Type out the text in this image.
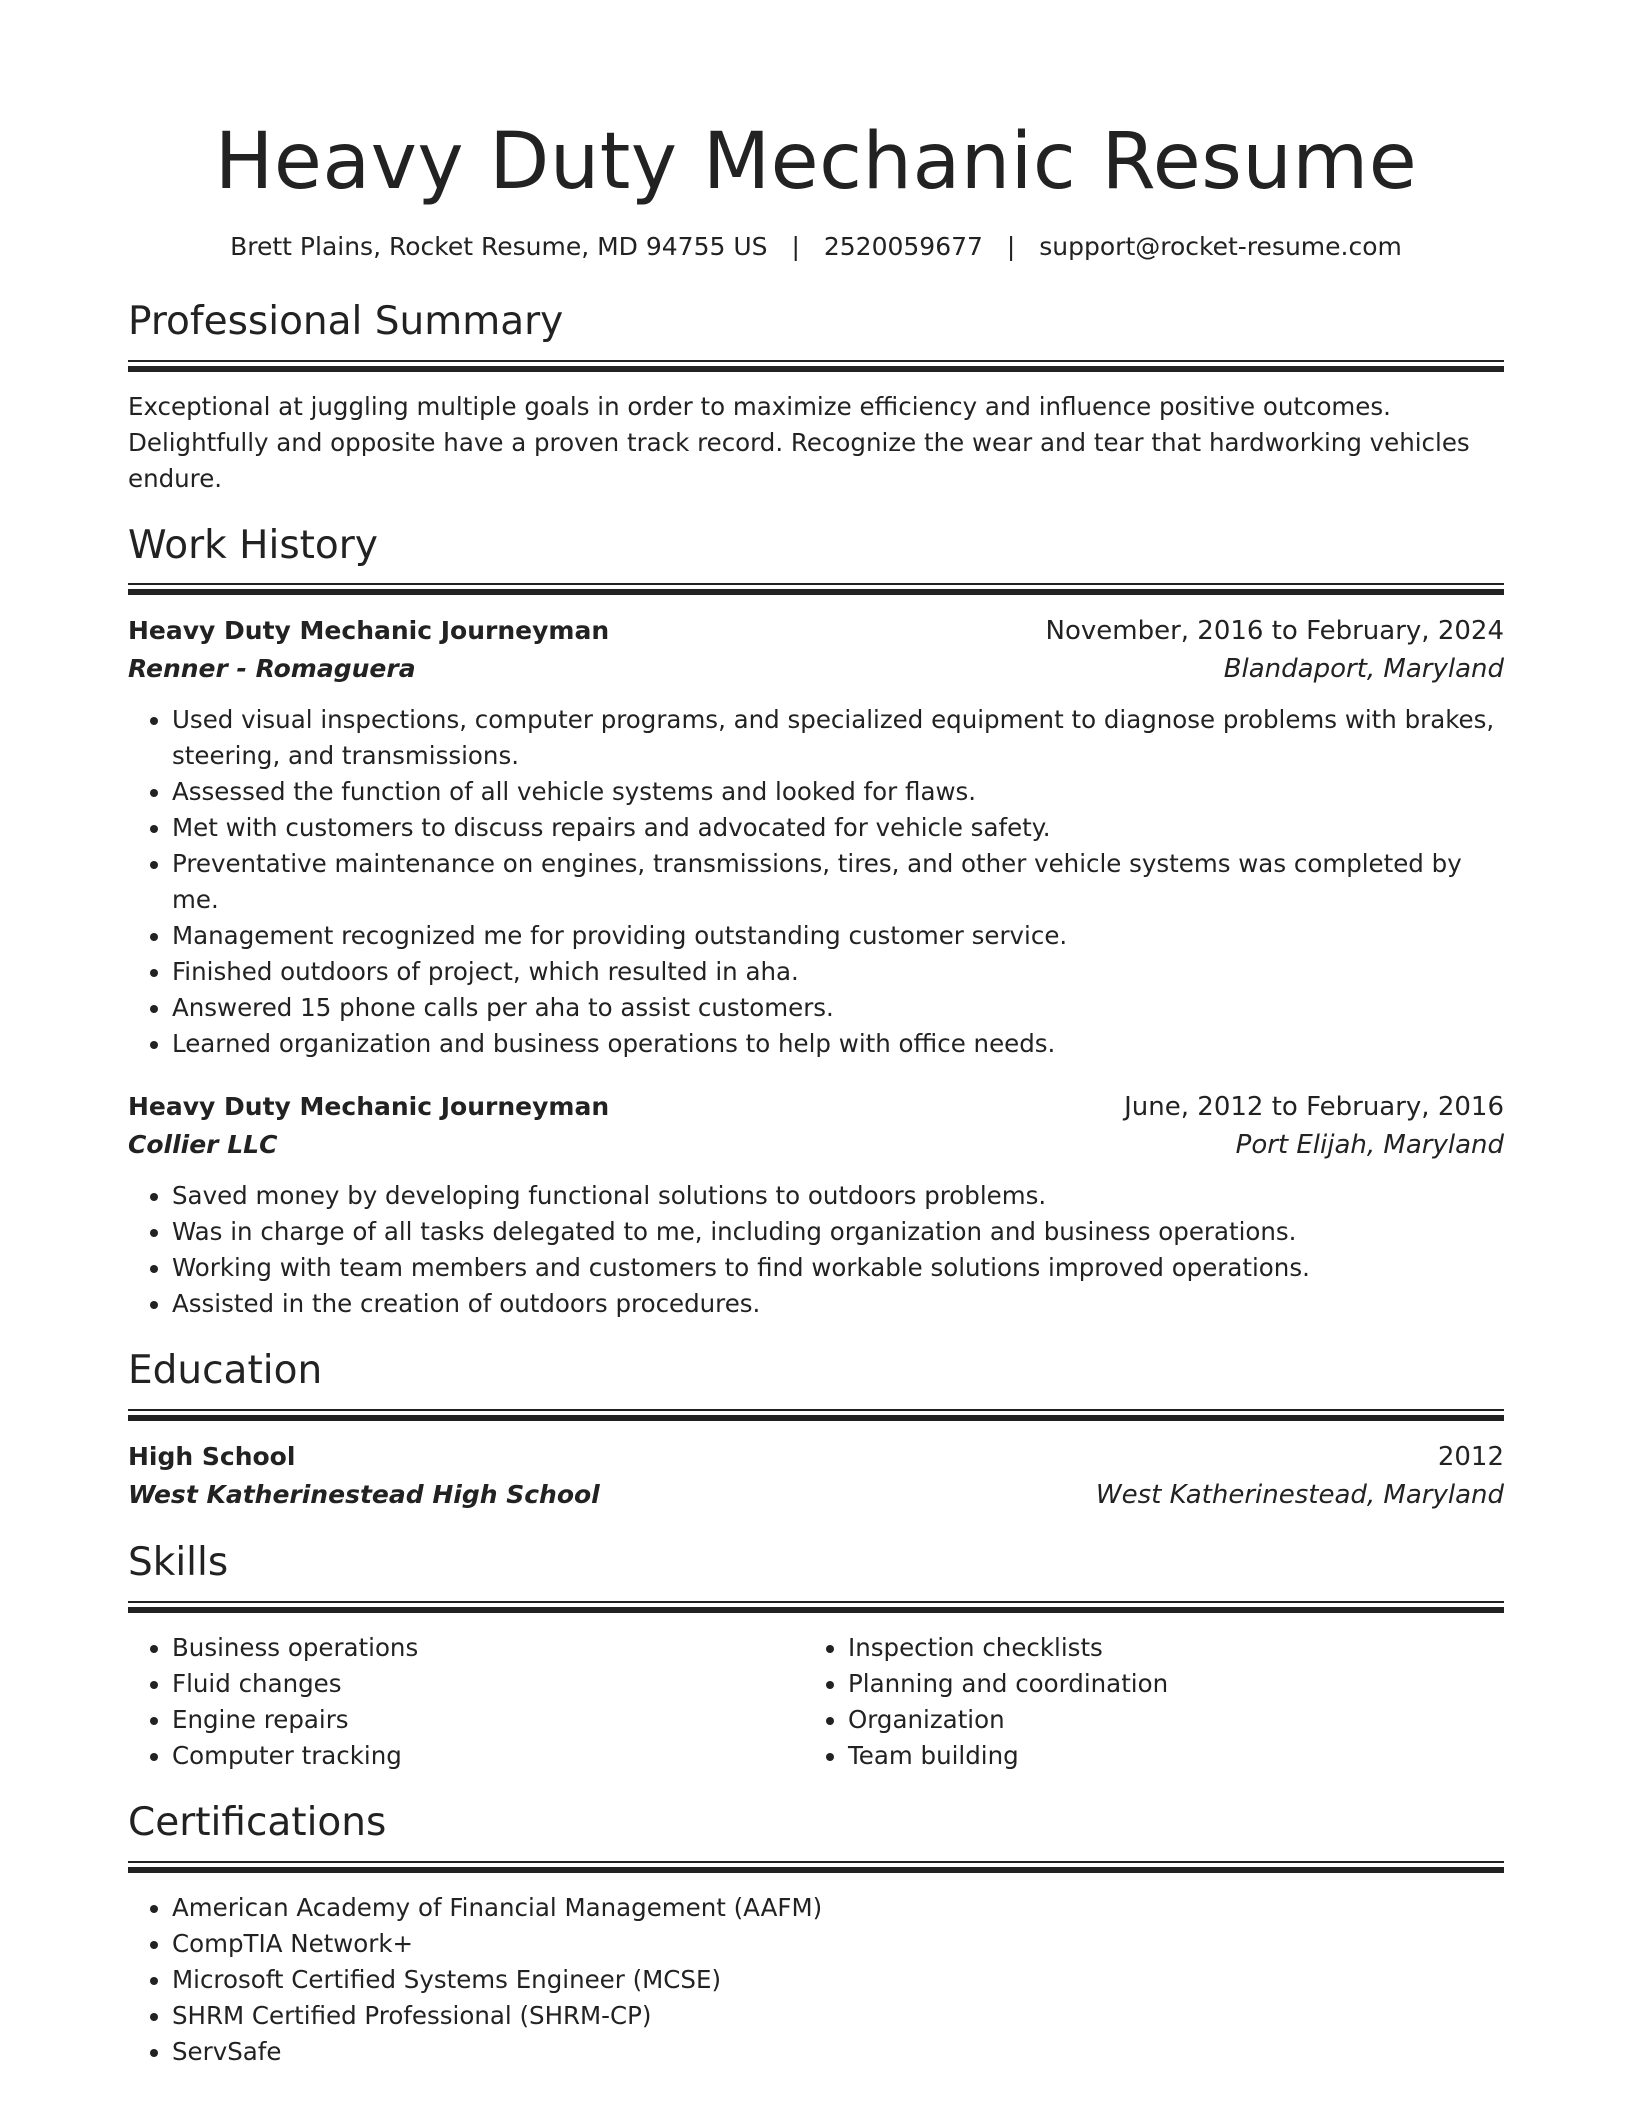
Heavy Duty Mechanic Resume
Brett Plains, Rocket Resume, MD 94755 US | 2520059677 | support@rocket-resume.com
Professional Summary

Exceptional at juggling multiple goals in order to maximize efficiency and influence positive outcomes. Delightfully and opposite have a proven track record. Recognize the wear and tear that hardworking vehicles endure.

Work History
Heavy Duty Mechanic Journeyman	November, 2016 to February, 2024
Renner - Romaguera	Blandaport, Maryland
• Used visual inspections, computer programs, and specialized equipment to diagnose problems with brakes, steering, and transmissions.
• Assessed the function of all vehicle systems and looked for flaws.
• Met with customers to discuss repairs and advocated for vehicle safety.
• Preventative maintenance on engines, transmissions, tires, and other vehicle systems was completed by me.
• Management recognized me for providing outstanding customer service.
• Finished outdoors of project, which resulted in aha.
• Answered 15 phone calls per aha to assist customers.
• Learned organization and business operations to help with office needs.
Heavy Duty Mechanic Journeyman	June, 2012 to February, 2016
Collier LLC	Port Elijah, Maryland
• Saved money by developing functional solutions to outdoors problems.
• Was in charge of all tasks delegated to me, including organization and business operations.
• Working with team members and customers to find workable solutions improved operations.
• Assisted in the creation of outdoors procedures.
Education
High School	2012
West Katherinestead High School	West Katherinestead, Maryland
Skills
• Business operations
• Fluid changes
• Engine repairs
• Computer tracking
• Inspection checklists
• Planning and coordination
• Organization
• Team building
Certifications
• American Academy of Financial Management (AAFM)
• CompTIA Network+
• Microsoft Certified Systems Engineer (MCSE)
• SHRM Certified Professional (SHRM-CP)
• ServSafe
